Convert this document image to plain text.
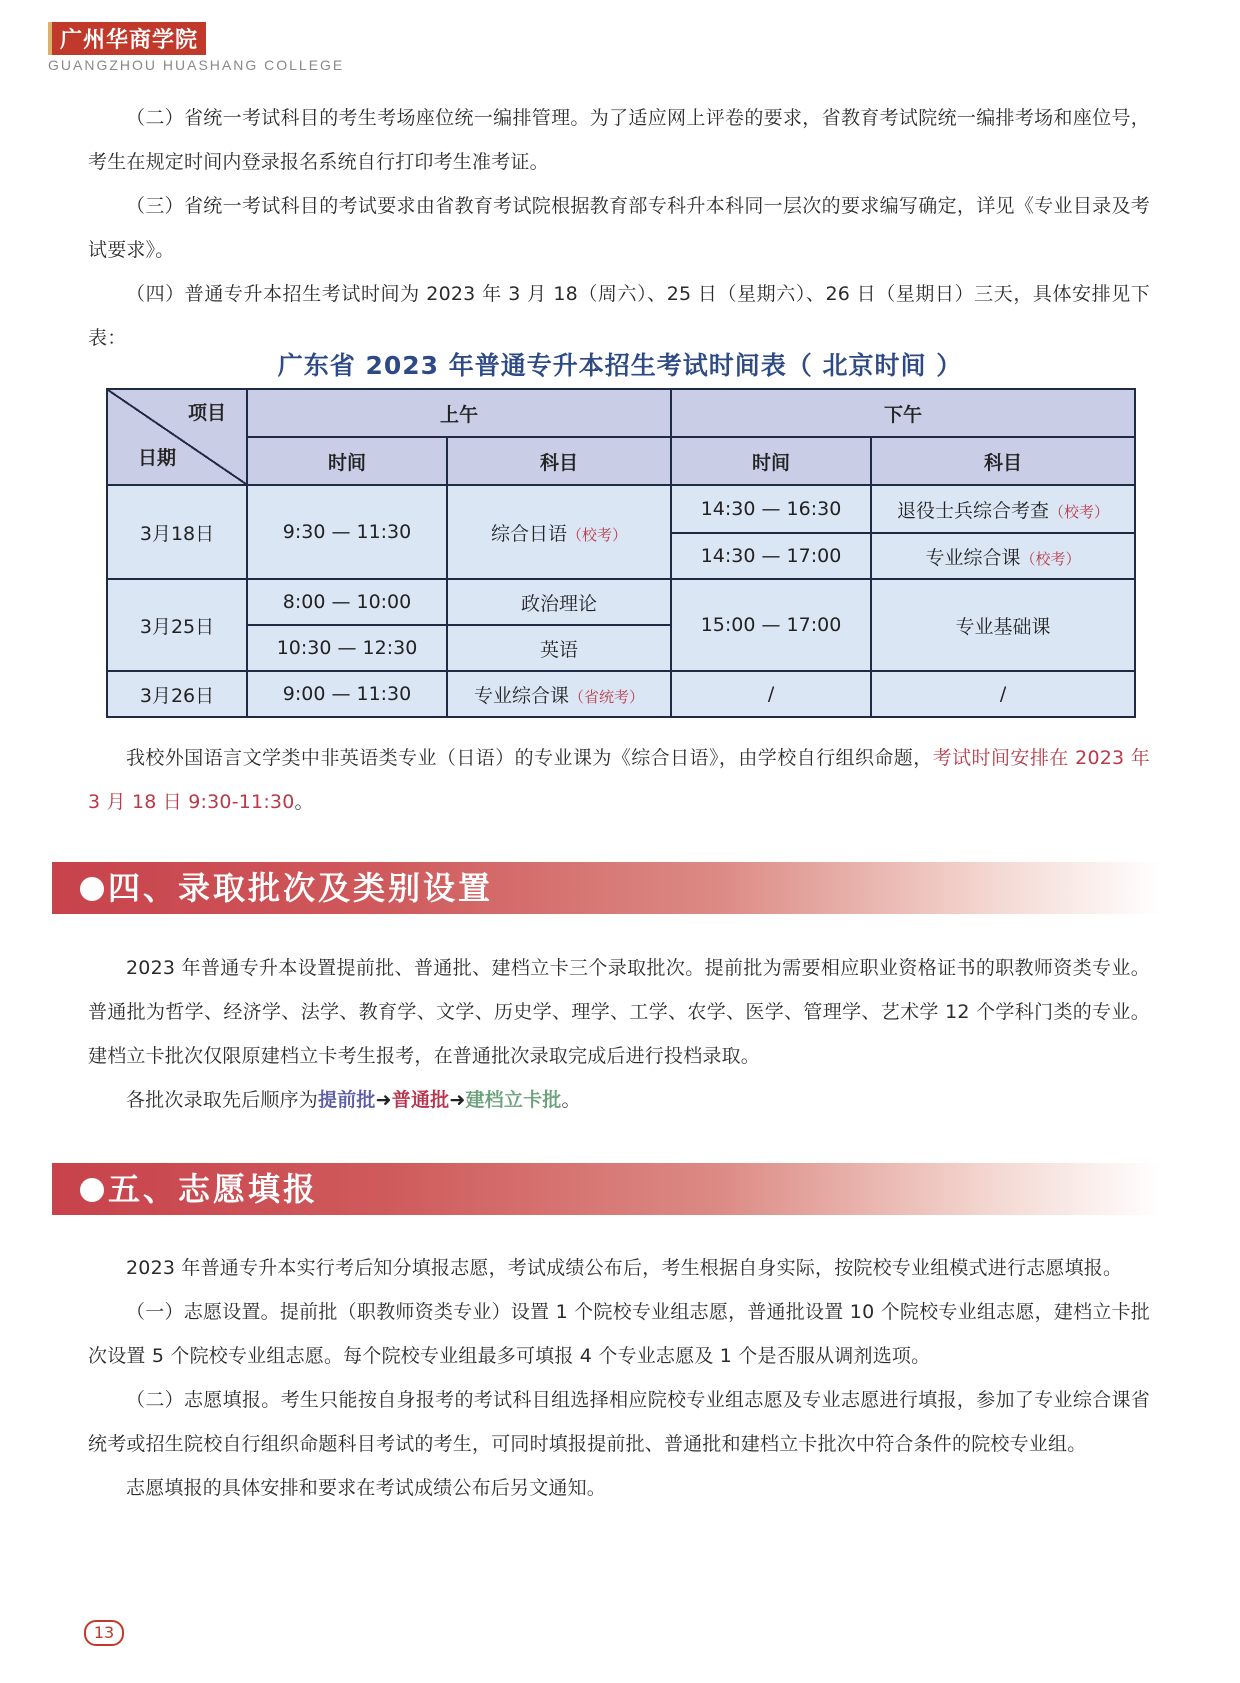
广州华商学院
GUANGZHOU HUASHANG COLLEGE

（二）省统一考试科目的考生考场座位统一编排管理。为了适应网上评卷的要求，省教育考试院统一编排考场和座位号，考生在规定时间内登录报名系统自行打印考生准考证。

（三）省统一考试科目的考试要求由省教育考试院根据教育部专科升本科同一层次的要求编写确定，详见《专业目录及考试要求》。

（四）普通专升本招生考试时间为 2023 年 3 月 18（周六）、25 日（星期六）、26 日（星期日）三天，具体安排见下表：

广东省 2023 年普通专升本招生考试时间表（ 北京时间 ）
项目
日期	上午		下午	
	时间	科目	时间	科目
3月18日	9:30 — 11:30	综合日语（校考）	14:30 — 16:30	退役士兵综合考查（校考）
			14:30 — 17:00	专业综合课（校考）
3月25日	8:00 — 10:00	政治理论	15:00 — 17:00	专业基础课
	10:30 — 12:30	英语		
3月26日	9:00 — 11:30	专业综合课（省统考）	/	/

我校外国语言文学类中非英语类专业（日语）的专业课为《综合日语》，由学校自行组织命题，考试时间安排在 2023 年 3 月 18 日 9:30-11:30。

四、录取批次及类别设置

2023 年普通专升本设置提前批、普通批、建档立卡三个录取批次。提前批为需要相应职业资格证书的职教师资类专业。普通批为哲学、经济学、法学、教育学、文学、历史学、理学、工学、农学、医学、管理学、艺术学 12 个学科门类的专业。建档立卡批次仅限原建档立卡考生报考，在普通批次录取完成后进行投档录取。

各批次录取先后顺序为提前批➜普通批➜建档立卡批。

五、志愿填报

2023 年普通专升本实行考后知分填报志愿，考试成绩公布后，考生根据自身实际，按院校专业组模式进行志愿填报。

（一）志愿设置。提前批（职教师资类专业）设置 1 个院校专业组志愿，普通批设置 10 个院校专业组志愿，建档立卡批次设置 5 个院校专业组志愿。每个院校专业组最多可填报 4 个专业志愿及 1 个是否服从调剂选项。

（二）志愿填报。考生只能按自身报考的考试科目组选择相应院校专业组志愿及专业志愿进行填报，参加了专业综合课省统考或招生院校自行组织命题科目考试的考生，可同时填报提前批、普通批和建档立卡批次中符合条件的院校专业组。

志愿填报的具体安排和要求在考试成绩公布后另文通知。

13
